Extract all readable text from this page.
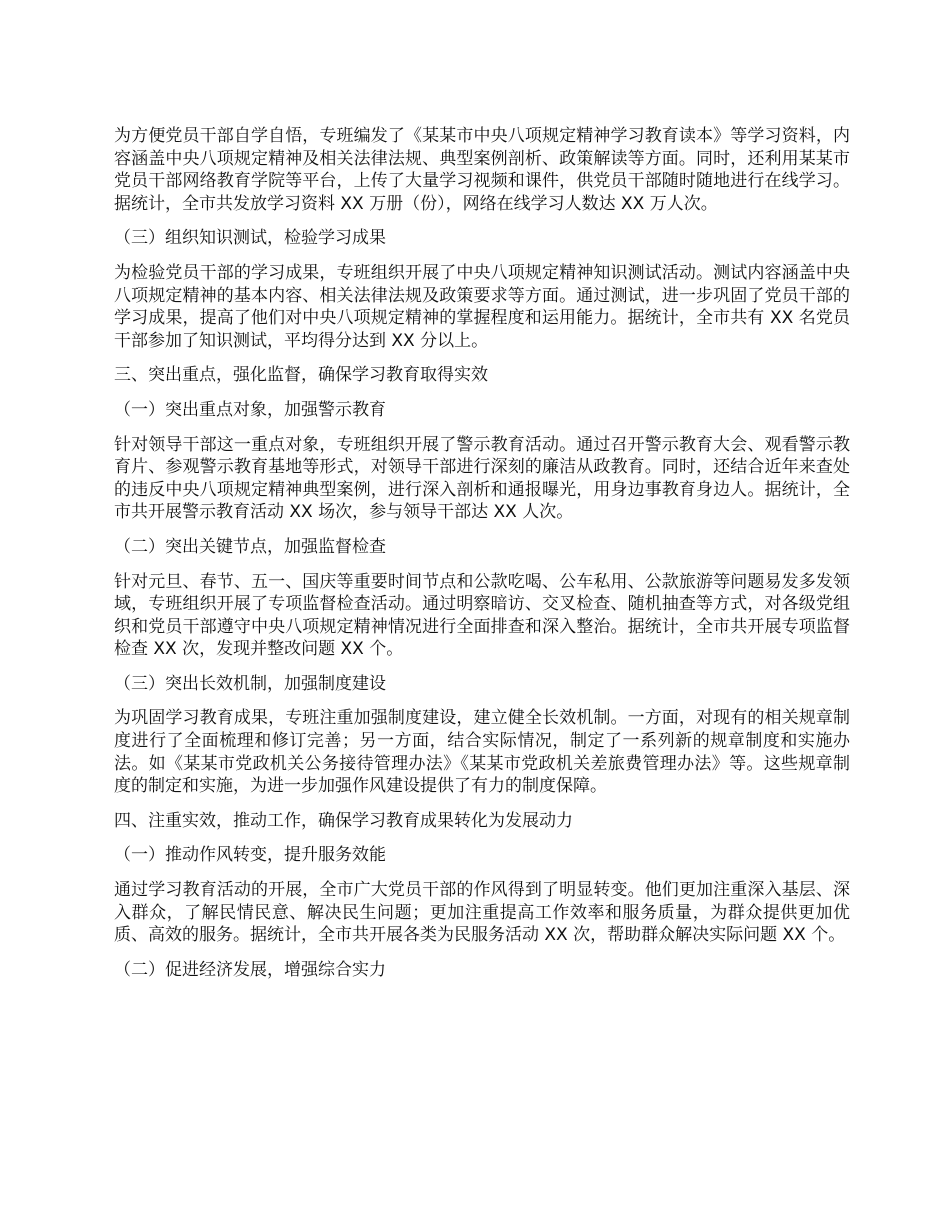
为方便党员干部自学自悟，专班编发了《某某市中央八项规定精神学习教育读本》等学习资料，内容涵盖中央八项规定精神及相关法律法规、典型案例剖析、政策解读等方面。同时，还利用某某市党员干部网络教育学院等平台，上传了大量学习视频和课件，供党员干部随时随地进行在线学习。据统计，全市共发放学习资料 XX 万册（份），网络在线学习人数达 XX 万人次。

（三）组织知识测试，检验学习成果

为检验党员干部的学习成果，专班组织开展了中央八项规定精神知识测试活动。测试内容涵盖中央八项规定精神的基本内容、相关法律法规及政策要求等方面。通过测试，进一步巩固了党员干部的学习成果，提高了他们对中央八项规定精神的掌握程度和运用能力。据统计，全市共有 XX 名党员干部参加了知识测试，平均得分达到 XX 分以上。

三、突出重点，强化监督，确保学习教育取得实效

（一）突出重点对象，加强警示教育

针对领导干部这一重点对象，专班组织开展了警示教育活动。通过召开警示教育大会、观看警示教育片、参观警示教育基地等形式，对领导干部进行深刻的廉洁从政教育。同时，还结合近年来查处的违反中央八项规定精神典型案例，进行深入剖析和通报曝光，用身边事教育身边人。据统计，全市共开展警示教育活动 XX 场次，参与领导干部达 XX 人次。

（二）突出关键节点，加强监督检查

针对元旦、春节、五一、国庆等重要时间节点和公款吃喝、公车私用、公款旅游等问题易发多发领域，专班组织开展了专项监督检查活动。通过明察暗访、交叉检查、随机抽查等方式，对各级党组织和党员干部遵守中央八项规定精神情况进行全面排查和深入整治。据统计，全市共开展专项监督检查 XX 次，发现并整改问题 XX 个。

（三）突出长效机制，加强制度建设

为巩固学习教育成果，专班注重加强制度建设，建立健全长效机制。一方面，对现有的相关规章制度进行了全面梳理和修订完善；另一方面，结合实际情况，制定了一系列新的规章制度和实施办法。如《某某市党政机关公务接待管理办法》《某某市党政机关差旅费管理办法》等。这些规章制度的制定和实施，为进一步加强作风建设提供了有力的制度保障。

四、注重实效，推动工作，确保学习教育成果转化为发展动力

（一）推动作风转变，提升服务效能

通过学习教育活动的开展，全市广大党员干部的作风得到了明显转变。他们更加注重深入基层、深入群众，了解民情民意、解决民生问题；更加注重提高工作效率和服务质量，为群众提供更加优质、高效的服务。据统计，全市共开展各类为民服务活动 XX 次，帮助群众解决实际问题 XX 个。

（二）促进经济发展，增强综合实力
